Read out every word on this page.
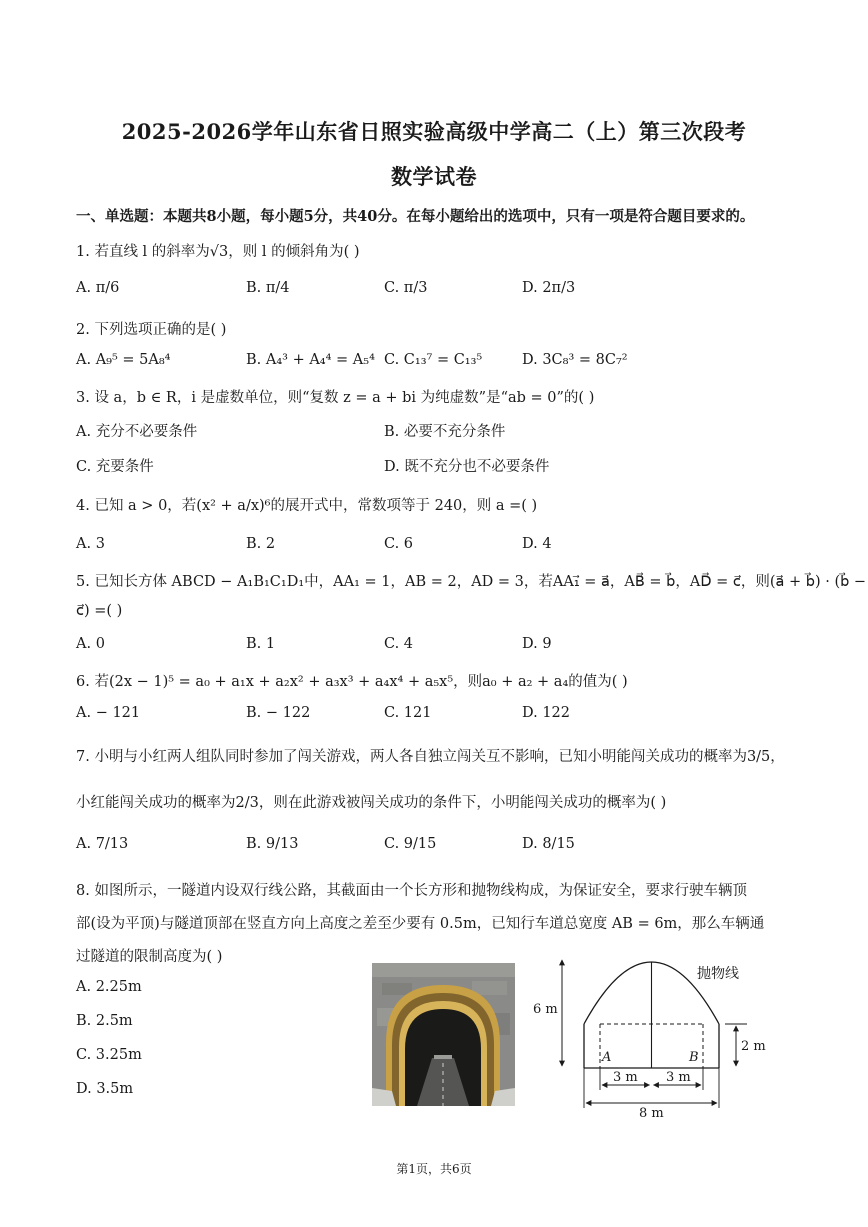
2025-2026学年山东省日照实验高级中学高二（上）第三次段考
数学试卷
一、单选题：本题共8小题，每小题5分，共40分。在每小题给出的选项中，只有一项是符合题目要求的。
1. 若直线 l 的斜率为√3，则 l 的倾斜角为( )
A. π/6	B. π/4	C. π/3	D. 2π/3
2. 下列选项正确的是( )
A. A₉⁵ = 5A₈⁴	B. A₄³ + A₄⁴ = A₅⁴ C. C₁₃⁷ = C₁₃⁵	D. 3C₈³ = 8C₇²
3. 设 a，b ∈ R，i 是虚数单位，则“复数 z = a + bi 为纯虚数”是“ab = 0”的( )
A. 充分不必要条件	B. 必要不充分条件
C. 充要条件	D. 既不充分也不必要条件
4. 已知 a > 0，若(x² + a/x)⁶的展开式中，常数项等于 240，则 a =( )
A. 3	B. 2	C. 6	D. 4
5. 已知长方体 ABCD − A₁B₁C₁D₁中，AA₁ = 1，AB = 2，AD = 3，若AA₁⃗ = a⃗，AB⃗ = b⃗，AD⃗ = c⃗，则(a⃗ + b⃗) · (b⃗ −
c⃗) =( )
A. 0	B. 1	C. 4	D. 9
6. 若(2x − 1)⁵ = a₀ + a₁x + a₂x² + a₃x³ + a₄x⁴ + a₅x⁵，则a₀ + a₂ + a₄的值为( )
A. − 121	B. − 122	C. 121	D. 122
7. 小明与小红两人组队同时参加了闯关游戏，两人各自独立闯关互不影响，已知小明能闯关成功的概率为3/5，
小红能闯关成功的概率为2/3，则在此游戏被闯关成功的条件下，小明能闯关成功的概率为( )
A. 7/13	B. 9/13	C. 9/15	D. 8/15
8. 如图所示，一隧道内设双行线公路，其截面由一个长方形和抛物线构成，为保证安全，要求行驶车辆顶
部(设为平顶)与隧道顶部在竖直方向上高度之差至少要有 0.5m，已知行车道总宽度 AB = 6m，那么车辆通
过隧道的限制高度为( )
A. 2.25m
B. 2.5m
C. 3.25m
D. 3.5m
6 m
2 m
抛物线
A	B
3 m 3 m
8 m
第1页，共6页
